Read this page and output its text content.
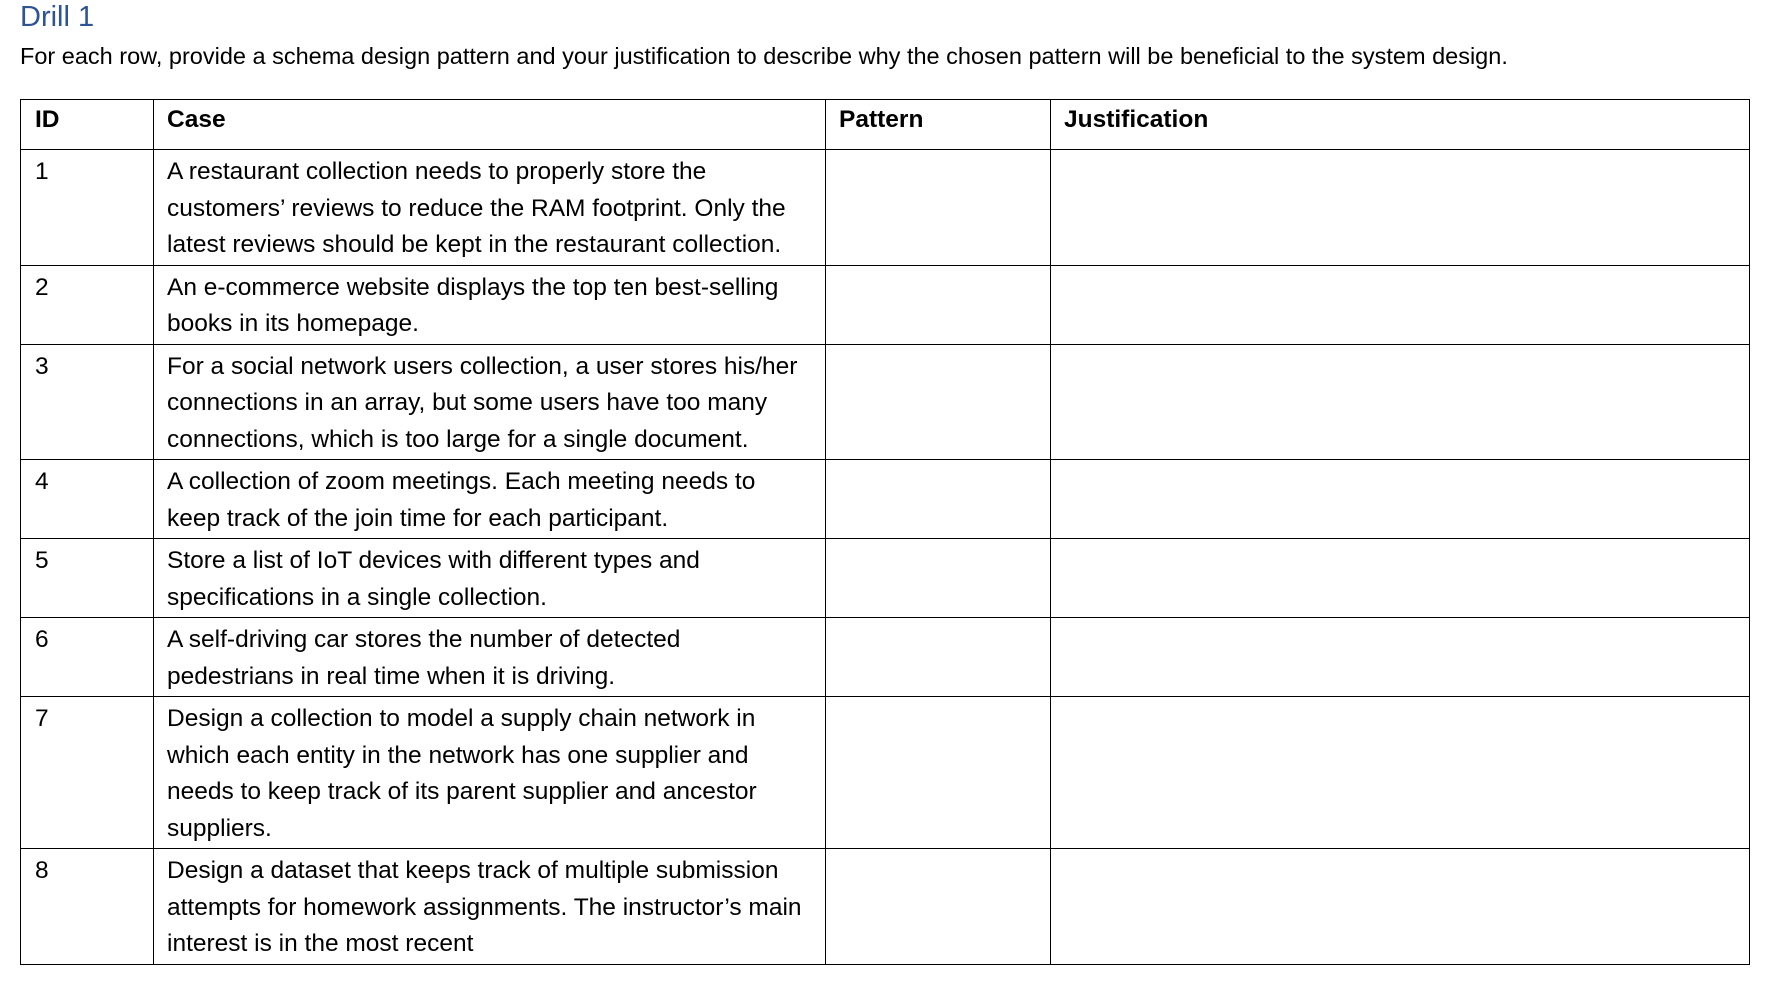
Drill 1
For each row, provide a schema design pattern and your justification to describe why the chosen pattern will be beneficial to the system design.
ID	Case	Pattern	Justification
1	A restaurant collection needs to properly store the customers’ reviews to reduce the RAM footprint. Only the latest reviews should be kept in the restaurant collection.		
2	An e-commerce website displays the top ten best-selling books in its homepage.		
3	For a social network users collection, a user stores his/her connections in an array, but some users have too many connections, which is too large for a single document.		
4	A collection of zoom meetings. Each meeting needs to keep track of the join time for each participant.		
5	Store a list of IoT devices with different types and specifications in a single collection.		
6	A self-driving car stores the number of detected pedestrians in real time when it is driving.		
7	Design a collection to model a supply chain network in which each entity in the network has one supplier and needs to keep track of its parent supplier and ancestor suppliers.		
8	Design a dataset that keeps track of multiple submission attempts for homework assignments. The instructor’s main interest is in the most recent		
